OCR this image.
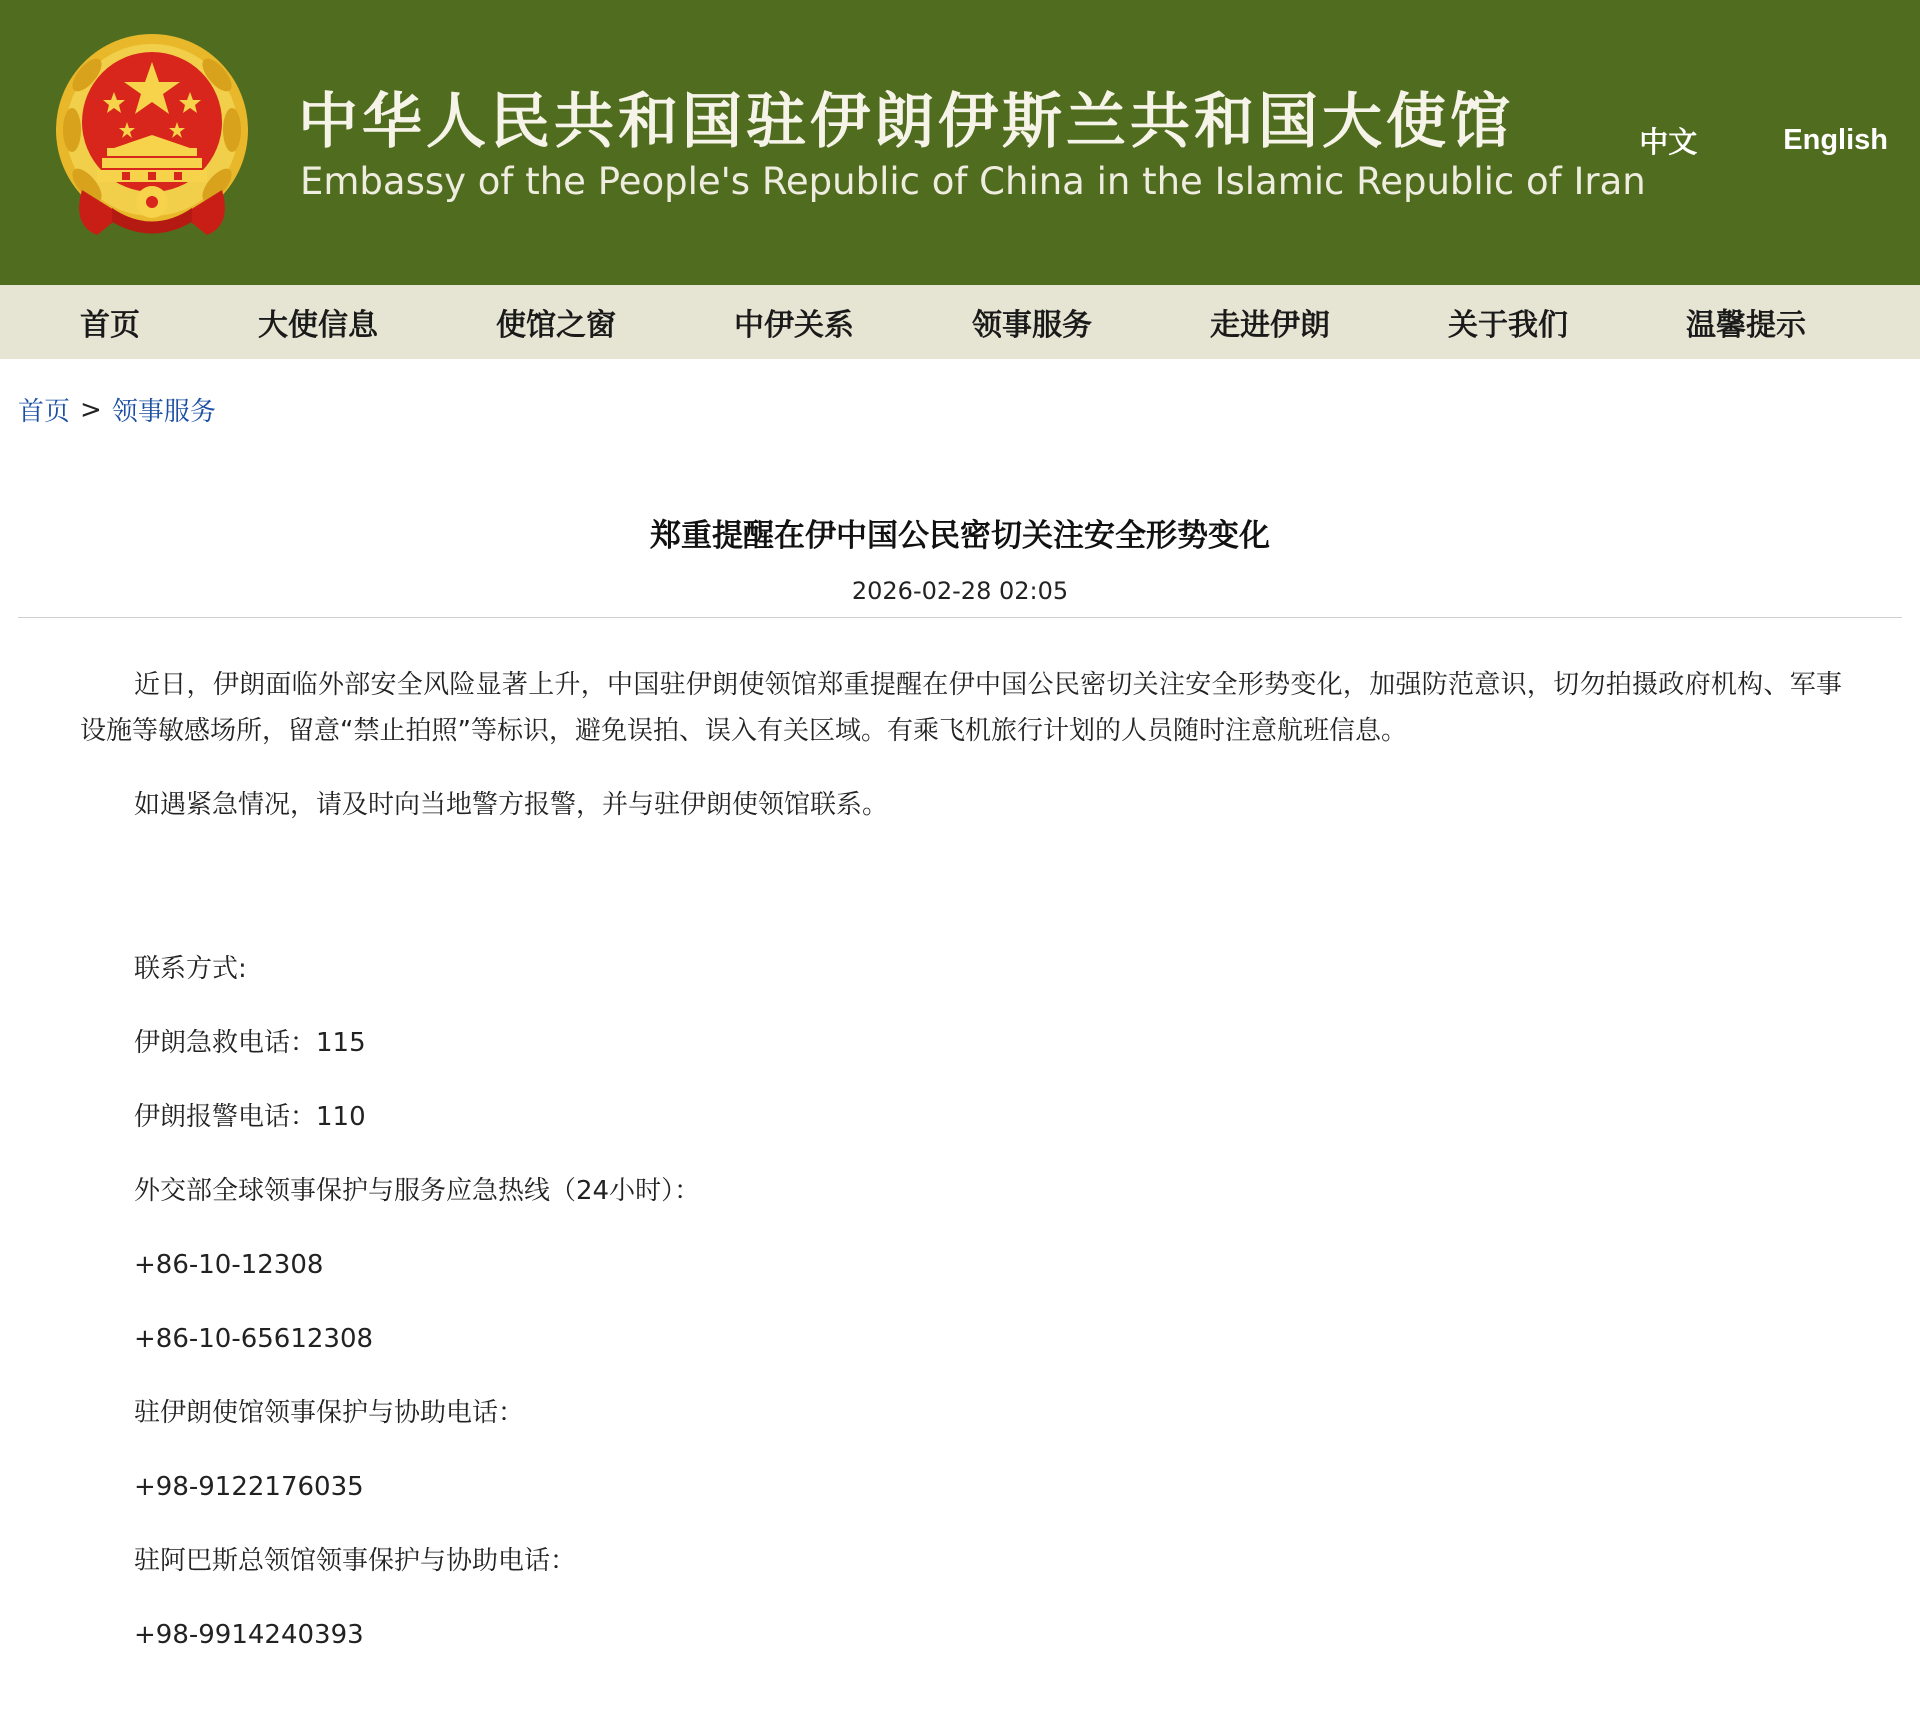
中华人民共和国驻伊朗伊斯兰共和国大使馆
Embassy of the People's Republic of China in the Islamic Republic of Iran
中文	English
首页	大使信息	使馆之窗	中伊关系	领事服务	走进伊朗	关于我们	温馨提示
首页 > 领事服务
郑重提醒在伊中国公民密切关注安全形势变化
2026-02-28 02:05

近日，伊朗面临外部安全风险显著上升，中国驻伊朗使领馆郑重提醒在伊中国公民密切关注安全形势变化，加强防范意识，切勿拍摄政府机构、军事设施等敏感场所，留意“禁止拍照”等标识，避免误拍、误入有关区域。有乘飞机旅行计划的人员随时注意航班信息。

如遇紧急情况，请及时向当地警方报警，并与驻伊朗使领馆联系。

联系方式:

伊朗急救电话：115

伊朗报警电话：110

外交部全球领事保护与服务应急热线（24小时）：

+86-10-12308

+86-10-65612308

驻伊朗使馆领事保护与协助电话：

+98-9122176035

驻阿巴斯总领馆领事保护与协助电话：

+98-9914240393
